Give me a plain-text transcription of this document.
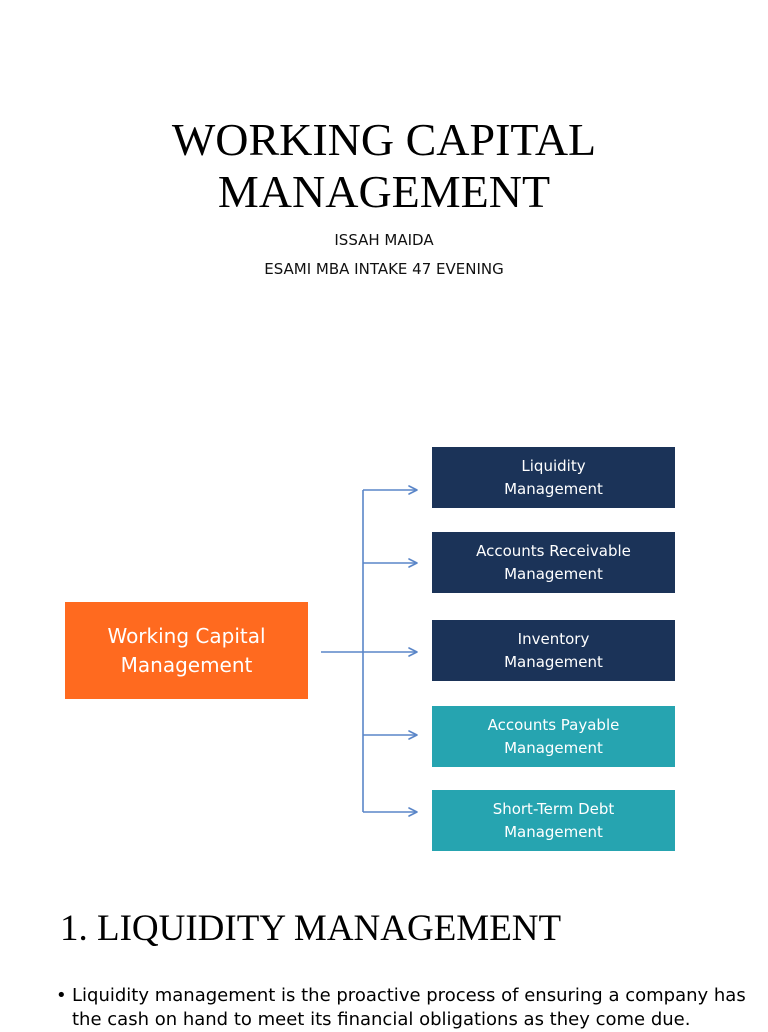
WORKING CAPITAL
MANAGEMENT
ISSAH MAIDA
ESAMI MBA INTAKE 47 EVENING
Working Capital
Management
Liquidity
Management
Accounts Receivable
Management
Inventory
Management
Accounts Payable
Management
Short-Term Debt
Management
1. LIQUIDITY MANAGEMENT
• Liquidity management is the proactive process of ensuring a company has the cash on hand to meet its financial obligations as they come due.
